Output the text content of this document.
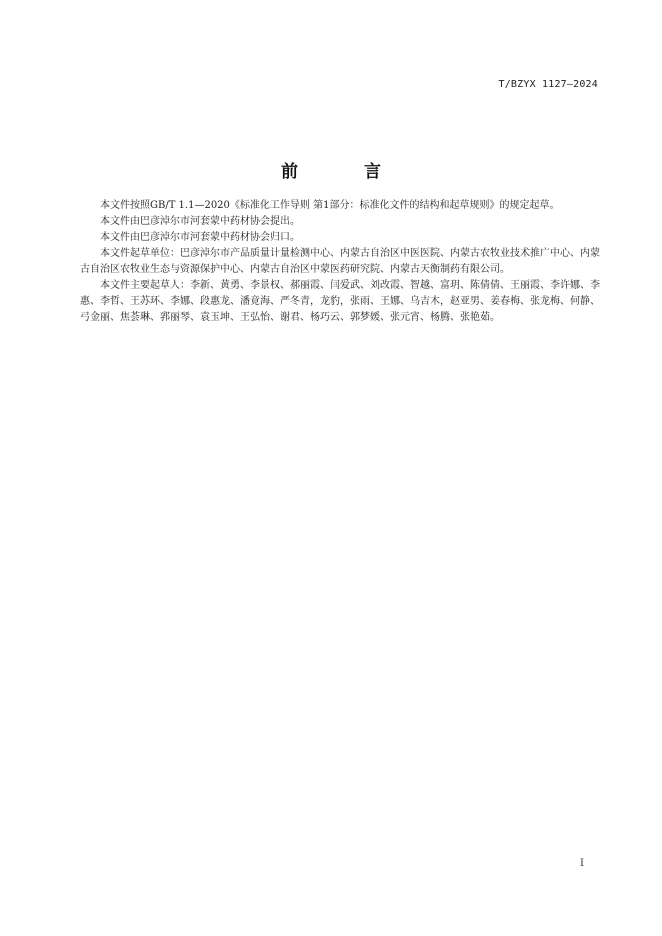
T/BZYX 1127—2024
前 言

本文件按照GB/T 1.1—2020《标准化工作导则 第1部分：标准化文件的结构和起草规则》的规定起草。

本文件由巴彦淖尔市河套蒙中药材协会提出。

本文件由巴彦淖尔市河套蒙中药材协会归口。

本文件起草单位：巴彦淖尔市产品质量计量检测中心、内蒙古自治区中医医院、内蒙古农牧业技术推广中心、内蒙古自治区农牧业生态与资源保护中心、内蒙古自治区中蒙医药研究院、内蒙古天衡制药有限公司。

本文件主要起草人：李新、黄勇、李景权、郝丽霞、闫爱武、刘改霞、智越、富玥、陈倩倩、王丽霞、李许娜、李惠、李哲、王苏环、李娜、段惠龙、潘竟海、严冬青，龙豹，张雨、王娜、乌吉木，赵亚男、姜春梅、张龙梅、何静、弓金丽、焦荟琳、郛丽琴、袁玉坤、王弘怡、谢君、杨巧云、郭梦媛、张元宵、杨腾、张艳茹。

I
